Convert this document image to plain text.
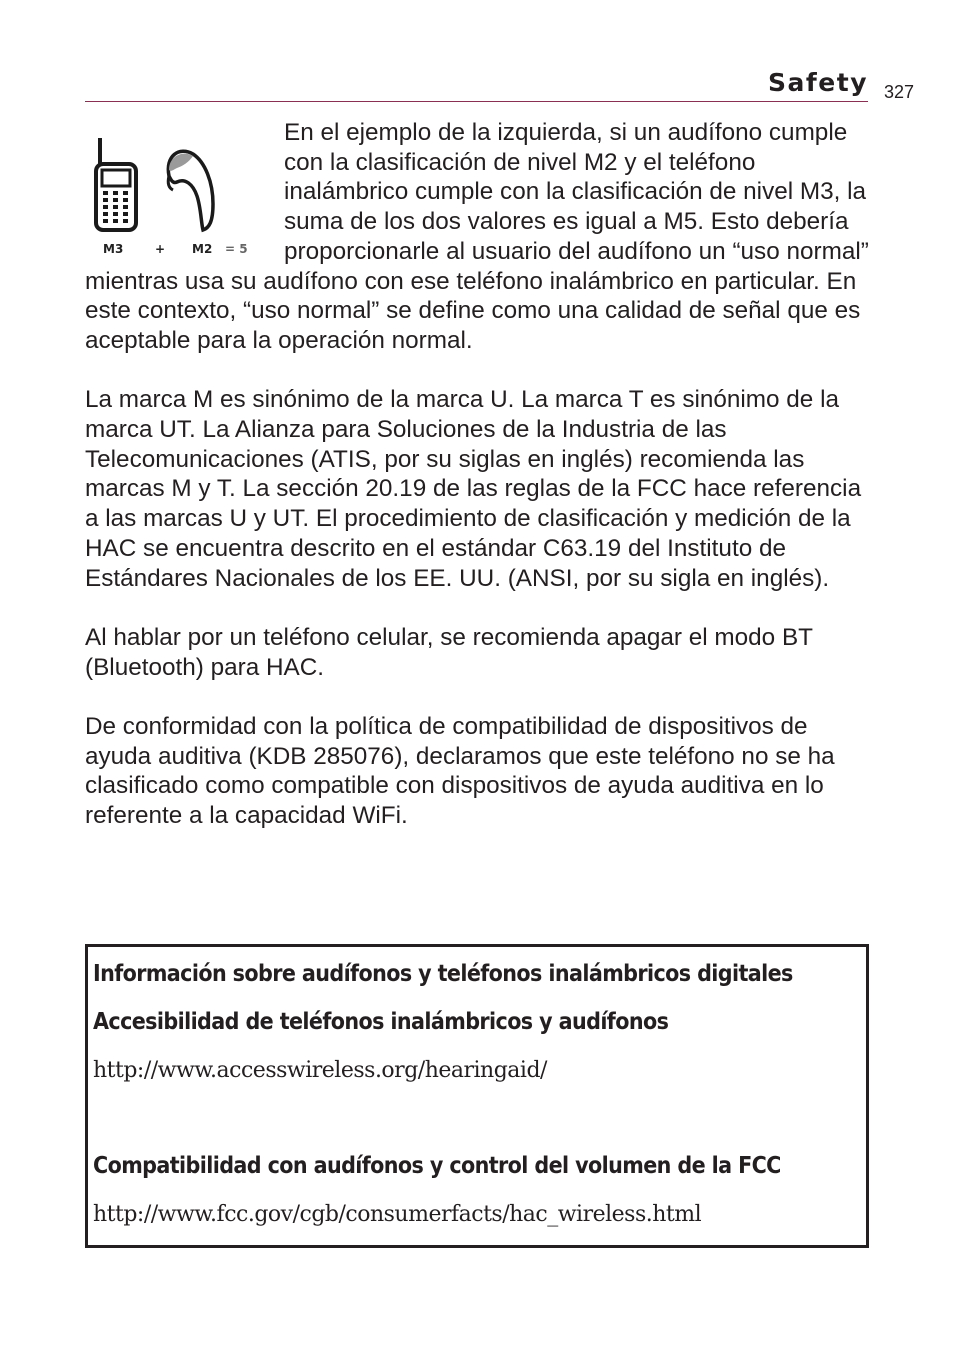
Safety 327
M3	+ M2 = 5

En el ejemplo de la izquierda, si un audífono cumple con la clasificación de nivel M2 y el teléfono inalámbrico cumple con la clasificación de nivel M3, la suma de los dos valores es igual a M5. Esto debería proporcionarle al usuario del audífono un “uso normal” mientras usa su audífono con ese teléfono inalámbrico en particular. En este contexto, “uso normal” se define como una calidad de señal que es aceptable para la operación normal.

La marca M es sinónimo de la marca U. La marca T es sinónimo de la marca UT. La Alianza para Soluciones de la Industria de las Telecomunicaciones (ATIS, por su siglas en inglés) recomienda las marcas M y T. La sección 20.19 de las reglas de la FCC hace referencia a las marcas U y UT. El procedimiento de clasificación y medición de la HAC se encuentra descrito en el estándar C63.19 del Instituto de Estándares Nacionales de los EE. UU. (ANSI, por su sigla en inglés).

Al hablar por un teléfono celular, se recomienda apagar el modo BT (Bluetooth) para HAC.

De conformidad con la política de compatibilidad de dispositivos de ayuda auditiva (KDB 285076), declaramos que este teléfono no se ha clasificado como compatible con dispositivos de ayuda auditiva en lo referente a la capacidad WiFi.

Información sobre audífonos y teléfonos inalámbricos digitales
Accesibilidad de teléfonos inalámbricos y audífonos
http://www.accesswireless.org/hearingaid/
Compatibilidad con audífonos y control del volumen de la FCC
http://www.fcc.gov/cgb/consumerfacts/hac_wireless.html
